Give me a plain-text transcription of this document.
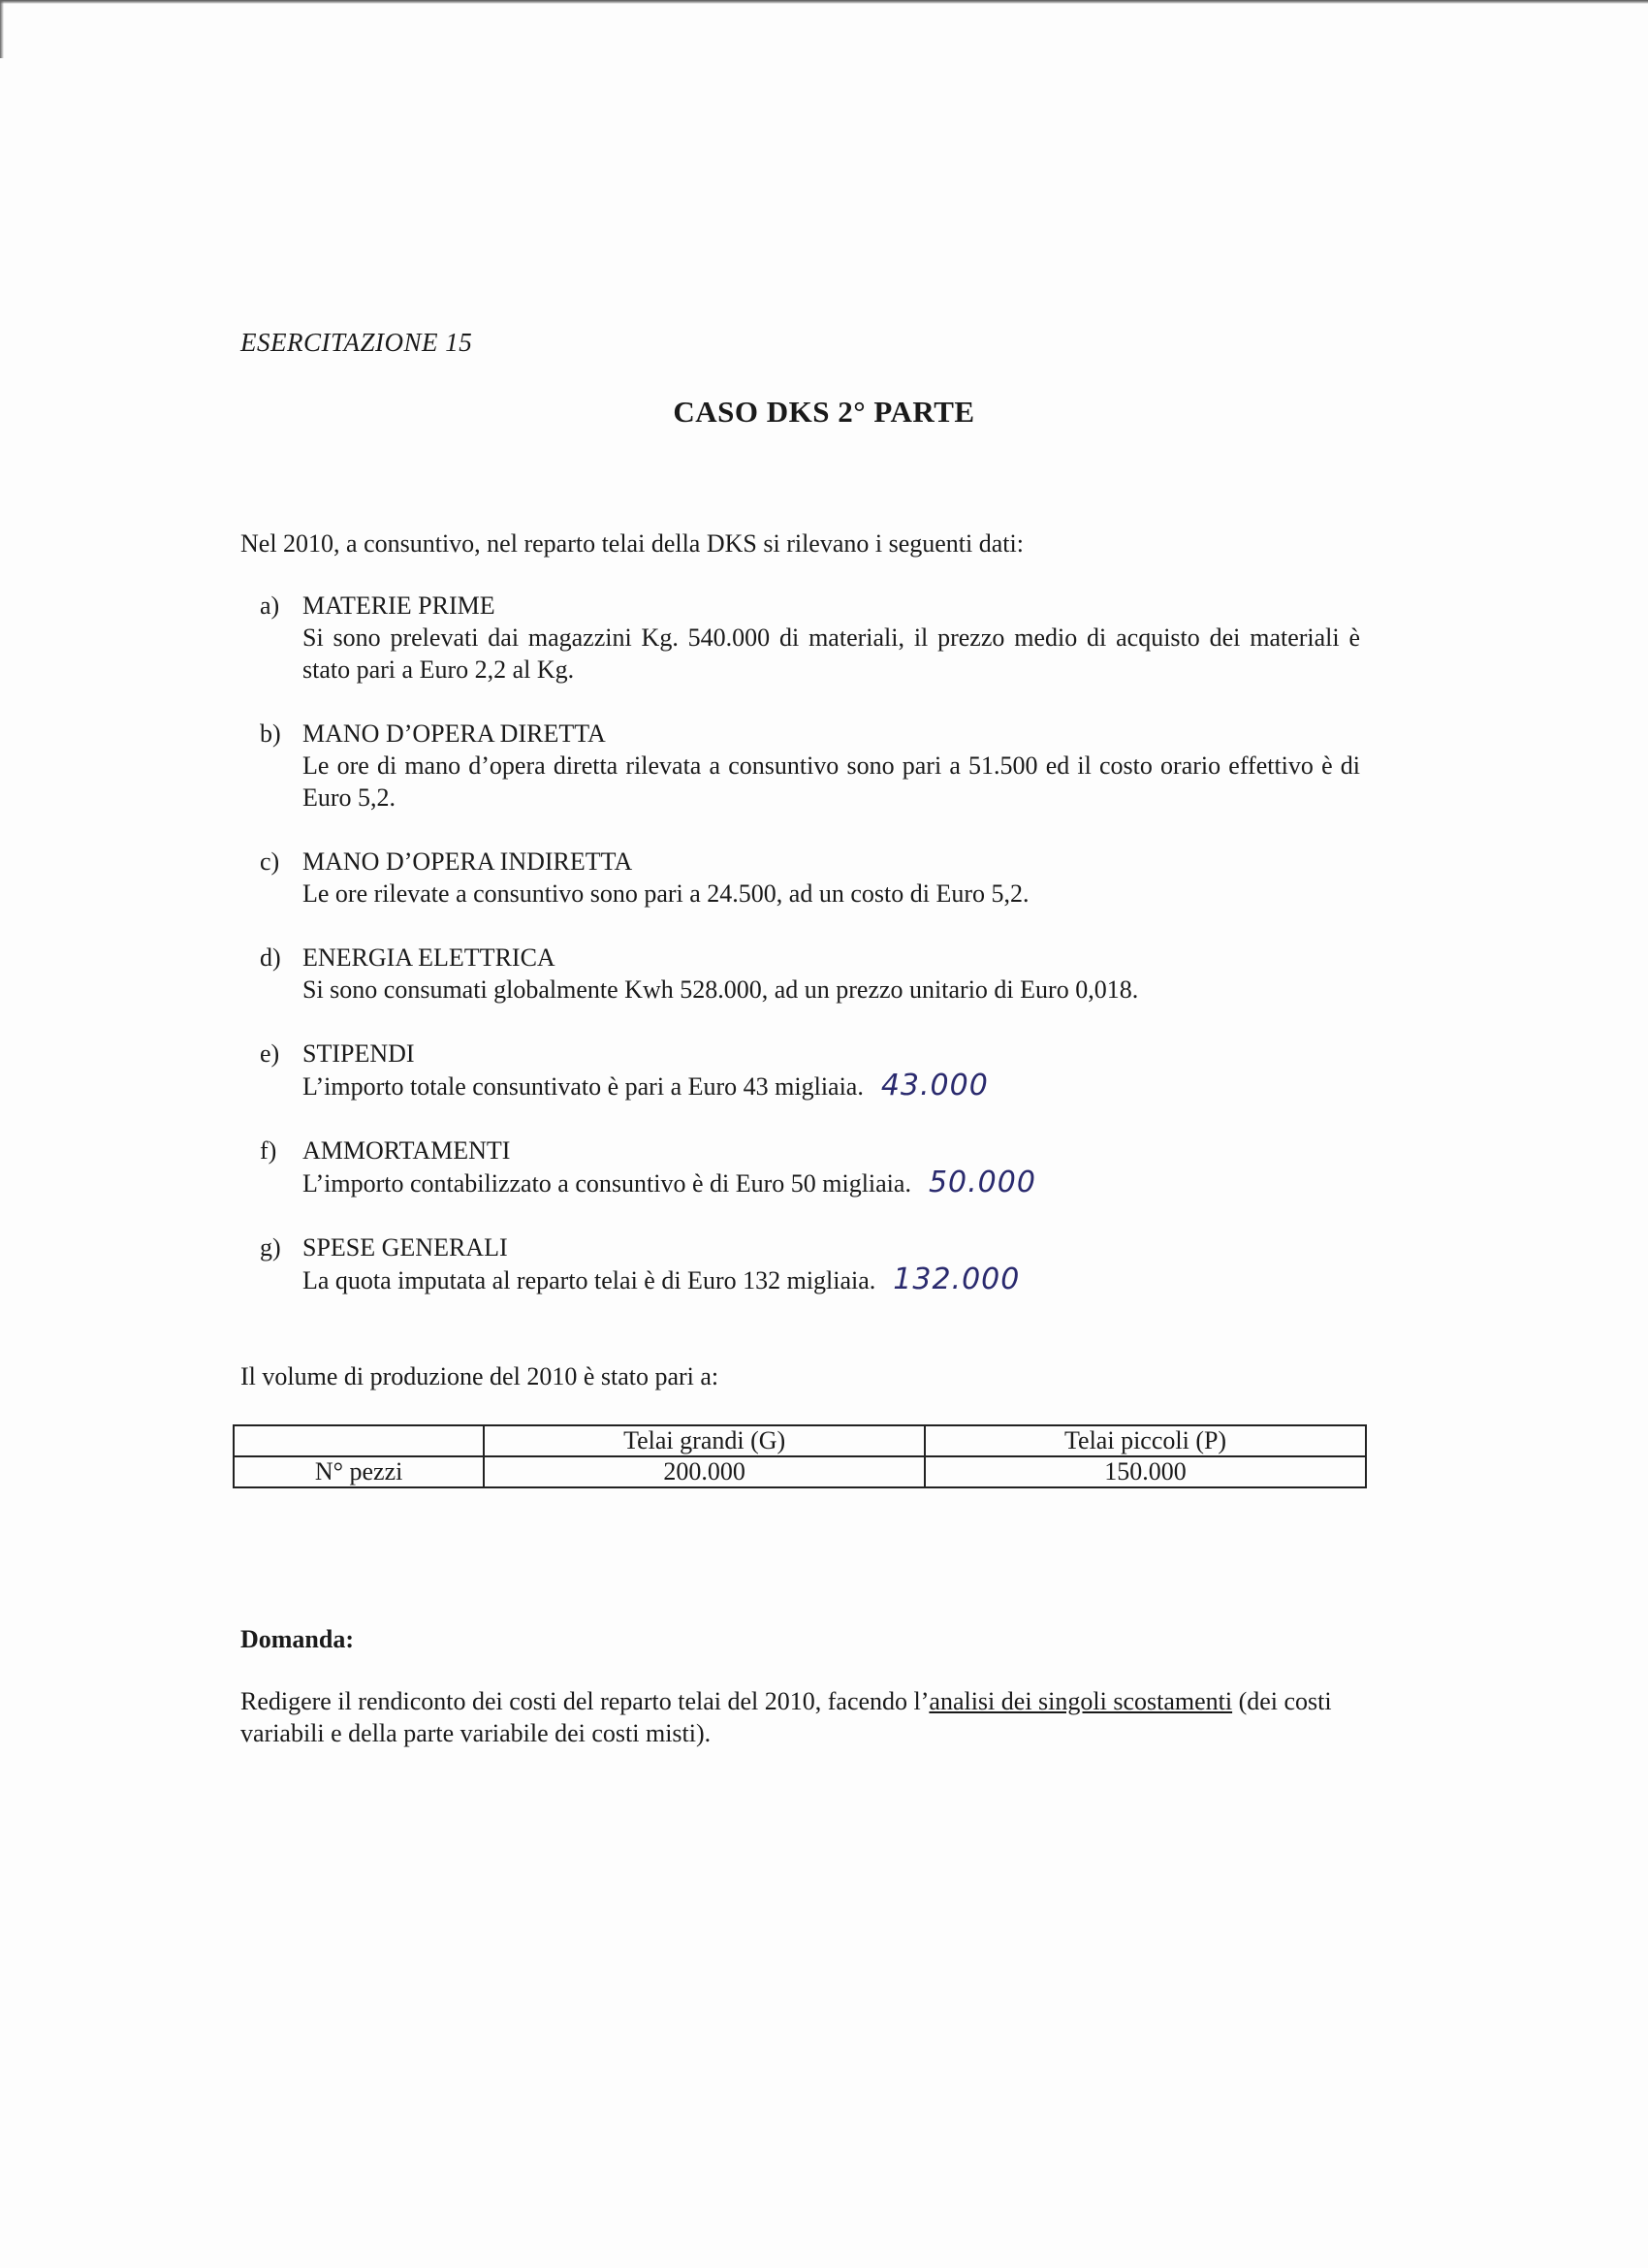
ESERCITAZIONE 15
CASO DKS 2° PARTE
Nel 2010, a consuntivo, nel reparto telai della DKS si rilevano i seguenti dati:
a) MATERIE PRIME
Si sono prelevati dai magazzini Kg. 540.000 di materiali, il prezzo medio di acquisto dei materiali è stato pari a Euro 2,2 al Kg.
b) MANO D’OPERA DIRETTA
Le ore di mano d’opera diretta rilevata a consuntivo sono pari a 51.500 ed il costo orario effettivo è di Euro 5,2.
c) MANO D’OPERA INDIRETTA
Le ore rilevate a consuntivo sono pari a 24.500, ad un costo di Euro 5,2.
d) ENERGIA ELETTRICA
Si sono consumati globalmente Kwh 528.000, ad un prezzo unitario di Euro 0,018.
e) STIPENDI
L’importo totale consuntivato è pari a Euro 43 migliaia. 43.000
f) AMMORTAMENTI
L’importo contabilizzato a consuntivo è di Euro 50 migliaia. 50.000
g) SPESE GENERALI
La quota imputata al reparto telai è di Euro 132 migliaia. 132.000
Il volume di produzione del 2010 è stato pari a:
	Telai grandi (G)	Telai piccoli (P)
N° pezzi	200.000	150.000
Domanda:
Redigere il rendiconto dei costi del reparto telai del 2010, facendo l’analisi dei singoli scostamenti (dei costi variabili e della parte variabile dei costi misti).
